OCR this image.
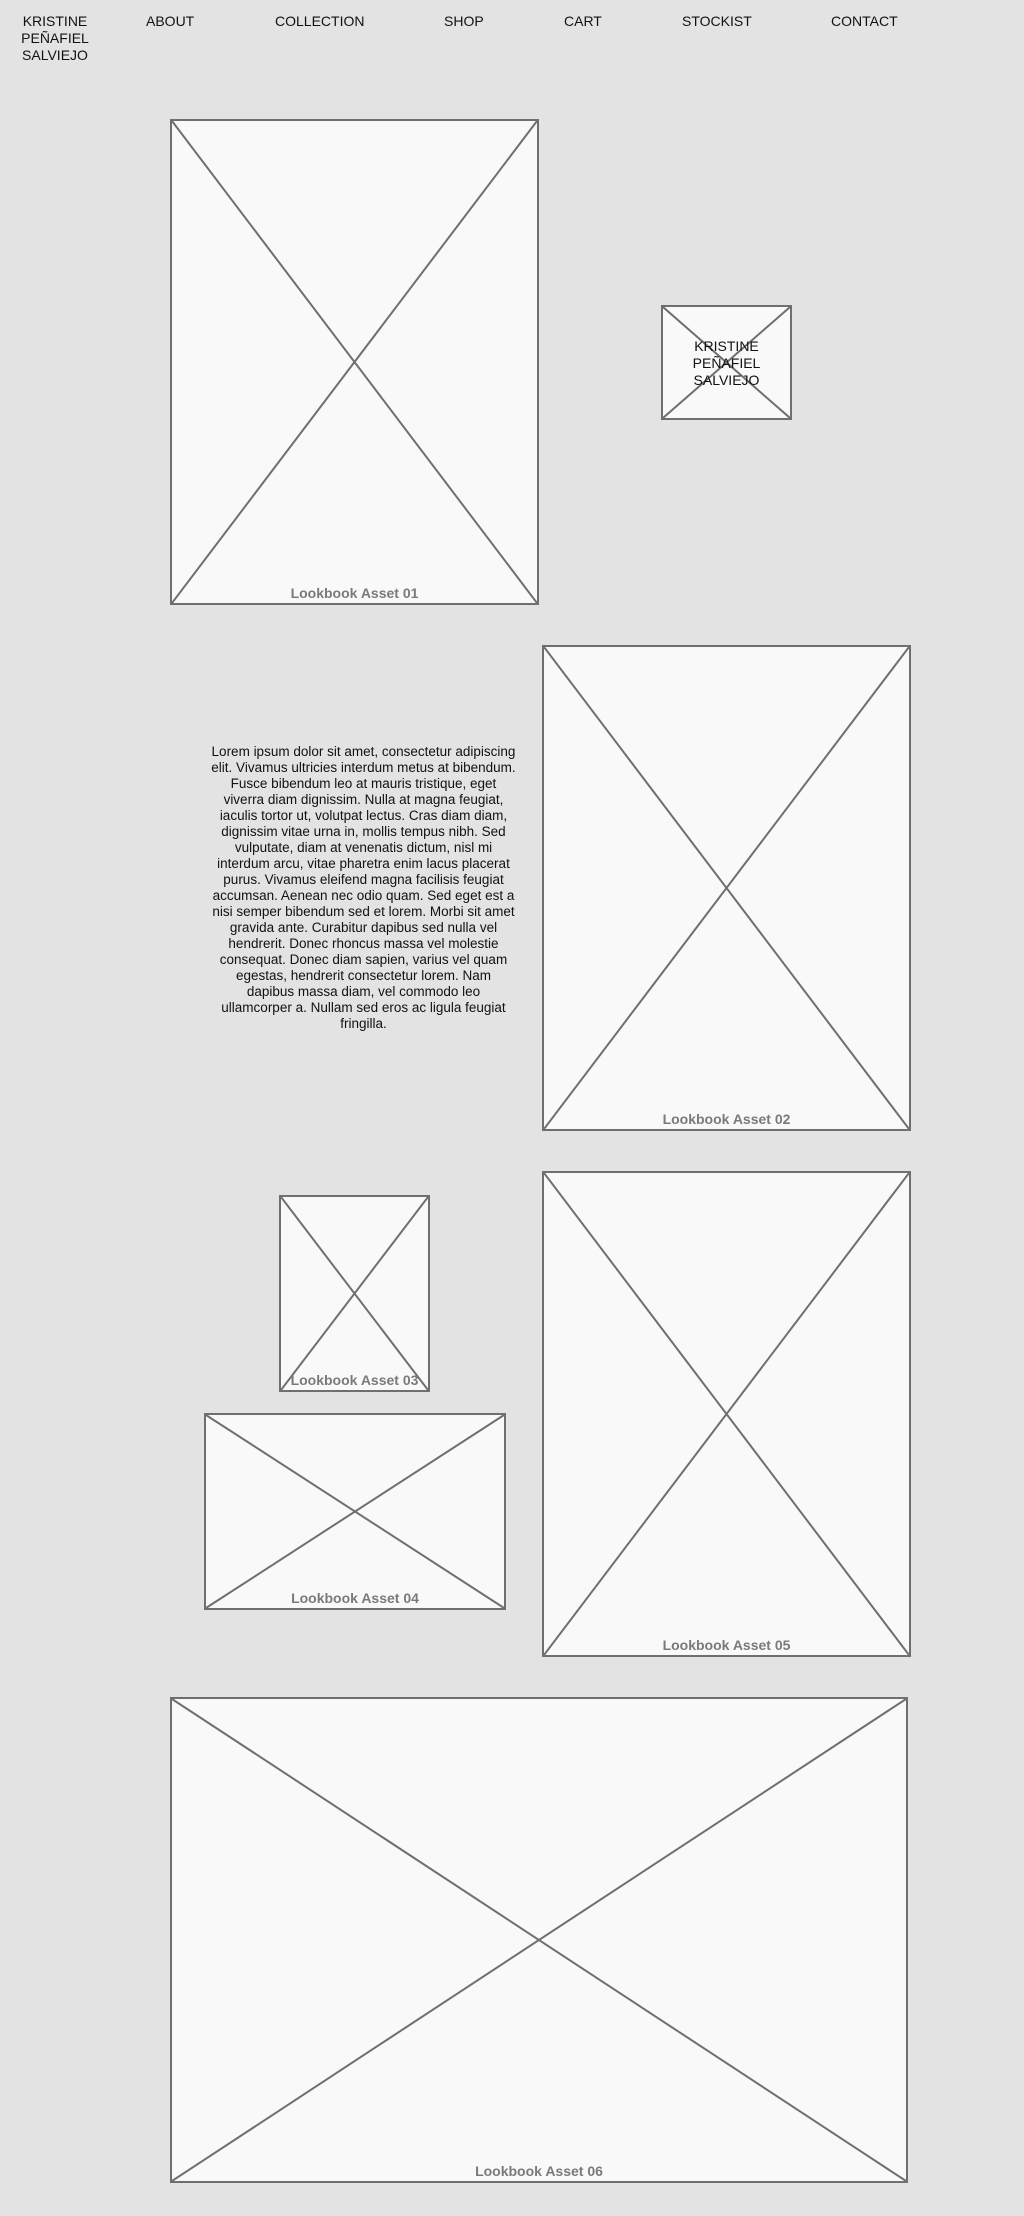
KRISTINE
PEÑAFIEL
SALVIEJO
ABOUT	COLLECTION	SHOP	CART	STOCKIST	CONTACT
Lookbook Asset 01
KRISTINE
PEÑAFIEL
SALVIEJO
Lookbook Asset 02
Lorem ipsum dolor sit amet, consectetur adipiscing elit. Vivamus ultricies interdum metus at bibendum. Fusce bibendum leo at mauris tristique, eget viverra diam dignissim. Nulla at magna feugiat, iaculis tortor ut, volutpat lectus. Cras diam diam, dignissim vitae urna in, mollis tempus nibh. Sed vulputate, diam at venenatis dictum, nisl mi interdum arcu, vitae pharetra enim lacus placerat purus. Vivamus eleifend magna facilisis feugiat accumsan. Aenean nec odio quam. Sed eget est a nisi semper bibendum sed et lorem. Morbi sit amet gravida ante. Curabitur dapibus sed nulla vel hendrerit. Donec rhoncus massa vel molestie consequat. Donec diam sapien, varius vel quam egestas, hendrerit consectetur lorem. Nam dapibus massa diam, vel commodo leo ullamcorper a. Nullam sed eros ac ligula feugiat fringilla.
Lookbook Asset 03
Lookbook Asset 04
Lookbook Asset 05
Lookbook Asset 06
